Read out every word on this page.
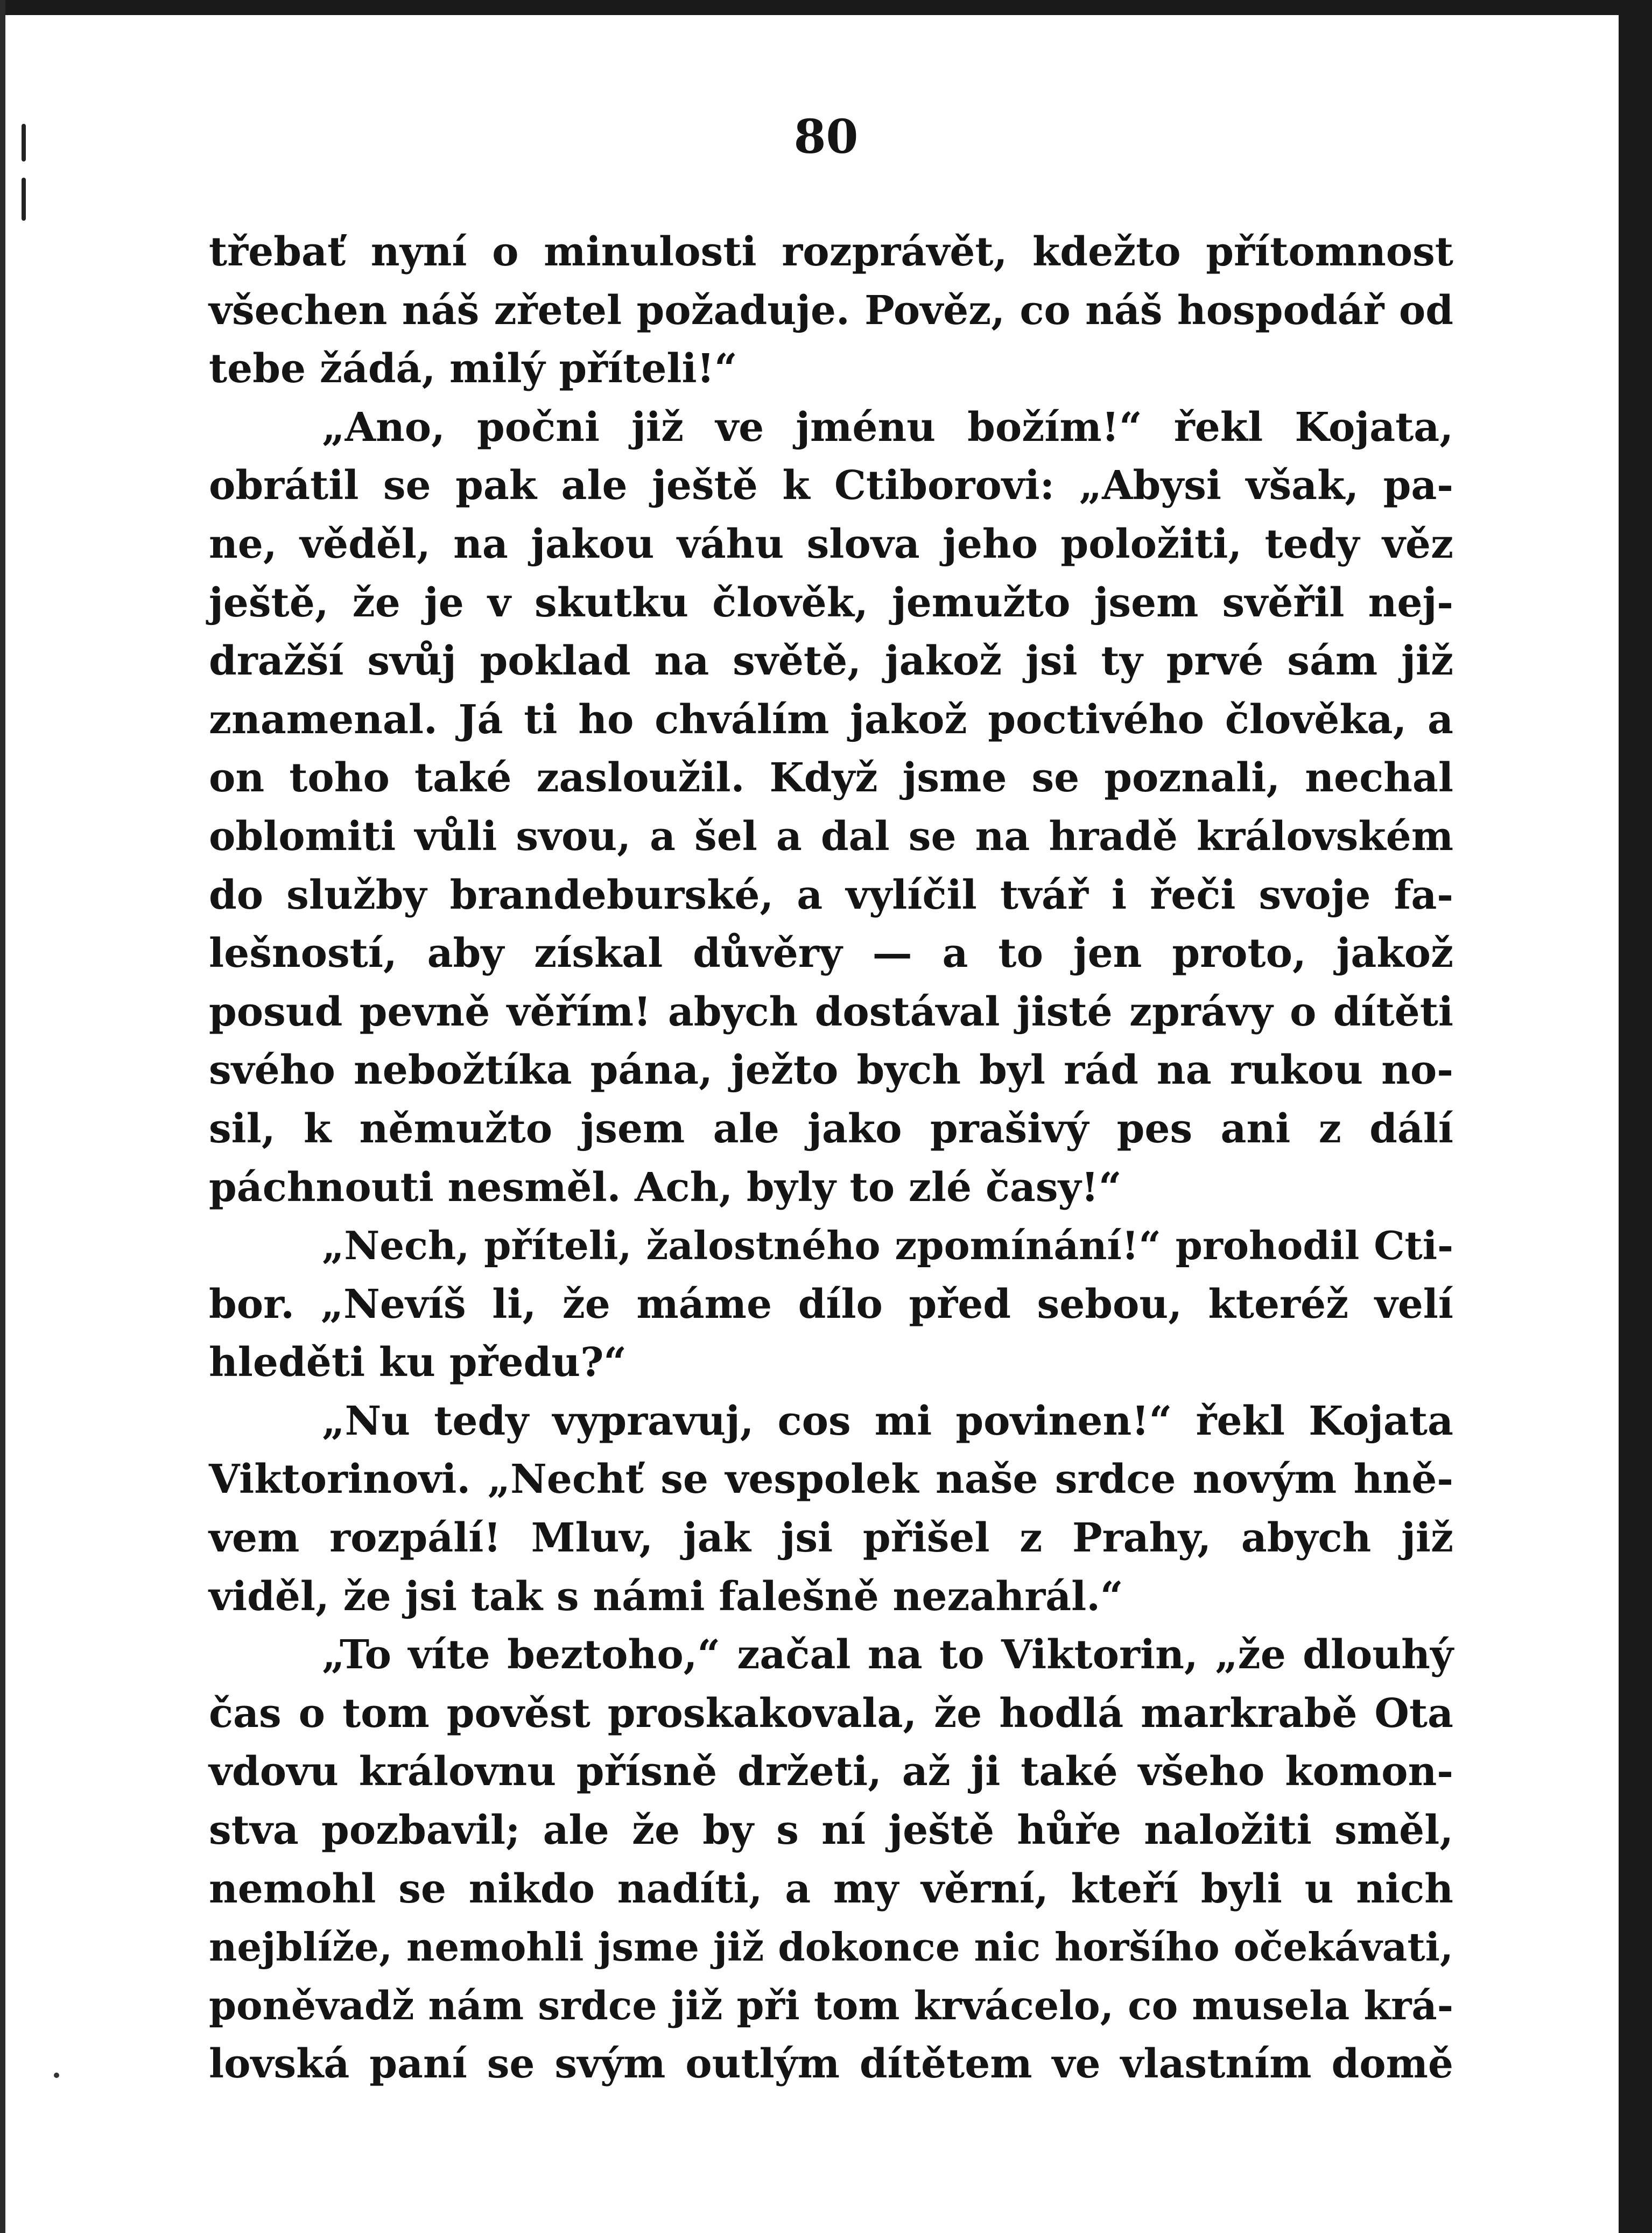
80
třebať nyní o minulosti rozprávět, kdežto přítomnost
všechen náš zřetel požaduje. Pověz, co náš hospodář od
tebe žádá, milý příteli!“
„Ano, počni již ve jménu božím!“ řekl Kojata,
obrátil se pak ale ještě k Ctiborovi: „Abysi však, pa-
ne, věděl, na jakou váhu slova jeho položiti, tedy věz
ještě, že je v skutku člověk, jemužto jsem svěřil nej-
dražší svůj poklad na světě, jakož jsi ty prvé sám již
znamenal. Já ti ho chválím jakož poctivého člověka, a
on toho také zasloužil. Když jsme se poznali, nechal
oblomiti vůli svou, a šel a dal se na hradě královském
do služby brandeburské, a vylíčil tvář i řeči svoje fa-
lešností, aby získal důvěry — a to jen proto, jakož
posud pevně věřím! abych dostával jisté zprávy o dítěti
svého nebožtíka pána, ježto bych byl rád na rukou no-
sil, k němužto jsem ale jako prašivý pes ani z dálí
páchnouti nesměl. Ach, byly to zlé časy!“
„Nech, příteli, žalostného zpomínání!“ prohodil Cti-
bor. „Nevíš li, že máme dílo před sebou, kteréž velí
hleděti ku předu?“
„Nu tedy vypravuj, cos mi povinen!“ řekl Kojata
Viktorinovi. „Nechť se vespolek naše srdce novým hně-
vem rozpálí! Mluv, jak jsi přišel z Prahy, abych již
viděl, že jsi tak s námi falešně nezahrál.“
„To víte beztoho,“ začal na to Viktorin, „že dlouhý
čas o tom pověst proskakovala, že hodlá markrabě Ota
vdovu královnu přísně držeti, až ji také všeho komon-
stva pozbavil; ale že by s ní ještě hůře naložiti směl,
nemohl se nikdo nadíti, a my věrní, kteří byli u nich
nejblíže, nemohli jsme již dokonce nic horšího očekávati,
poněvadž nám srdce již při tom krvácelo, co musela krá-
lovská paní se svým outlým dítětem ve vlastním domě
